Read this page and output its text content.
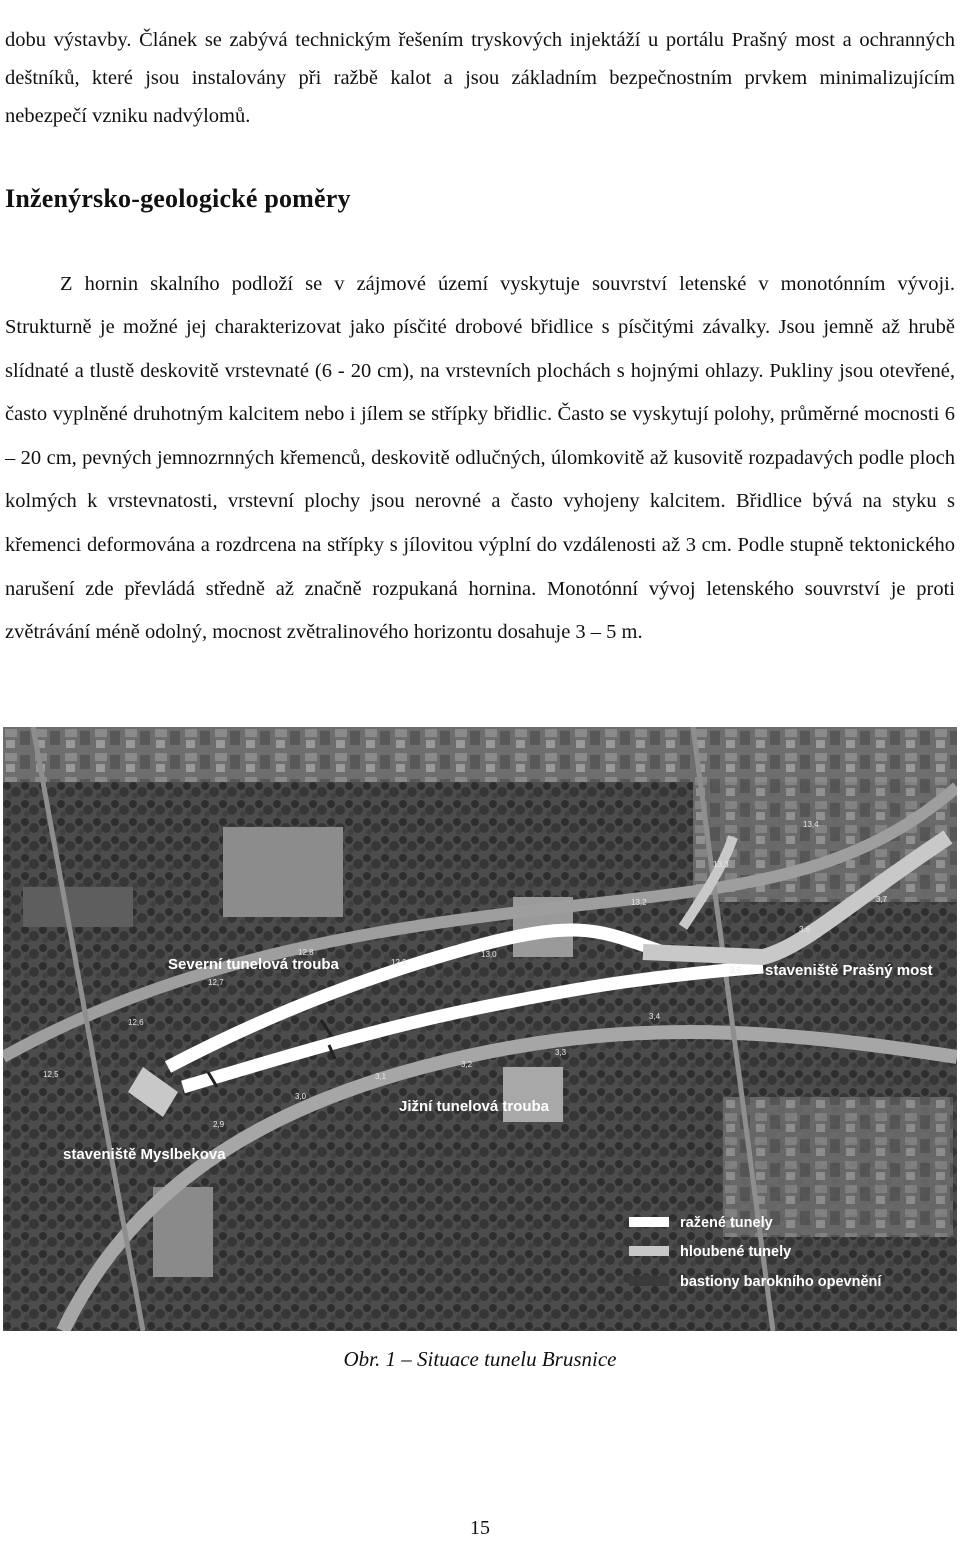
dobu výstavby. Článek se zabývá technickým řešením tryskových injektáží u portálu Prašný most a ochranných deštníků, které jsou instalovány při ražbě kalot a jsou základním bezpečnostním prvkem minimalizujícím nebezpečí vzniku nadvýlomů.

Inženýrsko-geologické poměry

Z hornin skalního podloží se v zájmové území vyskytuje souvrství letenské v monotónním vývoji. Strukturně je možné jej charakterizovat jako písčité drobové břidlice s písčitými závalky. Jsou jemně až hrubě slídnaté a tlustě deskovitě vrstevnaté (6 - 20 cm), na vrstevních plochách s hojnými ohlazy. Pukliny jsou otevřené, často vyplněné druhotným kalcitem nebo i jílem se střípky břidlic. Často se vyskytují polohy, průměrné mocnosti 6 – 20 cm, pevných jemnozrnných křemenců, deskovitě odlučných, úlomkovitě až kusovitě rozpadavých podle ploch kolmých k vrstevnatosti, vrstevní plochy jsou nerovné a často vyhojeny kalcitem. Břidlice bývá na styku s křemenci deformována a rozdrcena na střípky s jílovitou výplní do vzdálenosti až 3 cm. Podle stupně tektonického narušení zde převládá středně až značně rozpukaná hornina. Monotónní vývoj letenského souvrství je proti zvětrávání méně odolný, mocnost zvětralinového horizontu dosahuje 3 – 5 m.

12,5
12,6
12,7
12,8
12,9
13,0
13,2
13,3
13,4
2,9
3,0
3,1
3,2
3,3
3,4
3,5
3,6
3,7
Severní tunelová trouba
Jižní tunelová trouba
staveniště Prašný most
staveniště Myslbekova
ražené tunely
hloubené tunely
bastiony barokního opevnění
Obr. 1 – Situace tunelu Brusnice
15
